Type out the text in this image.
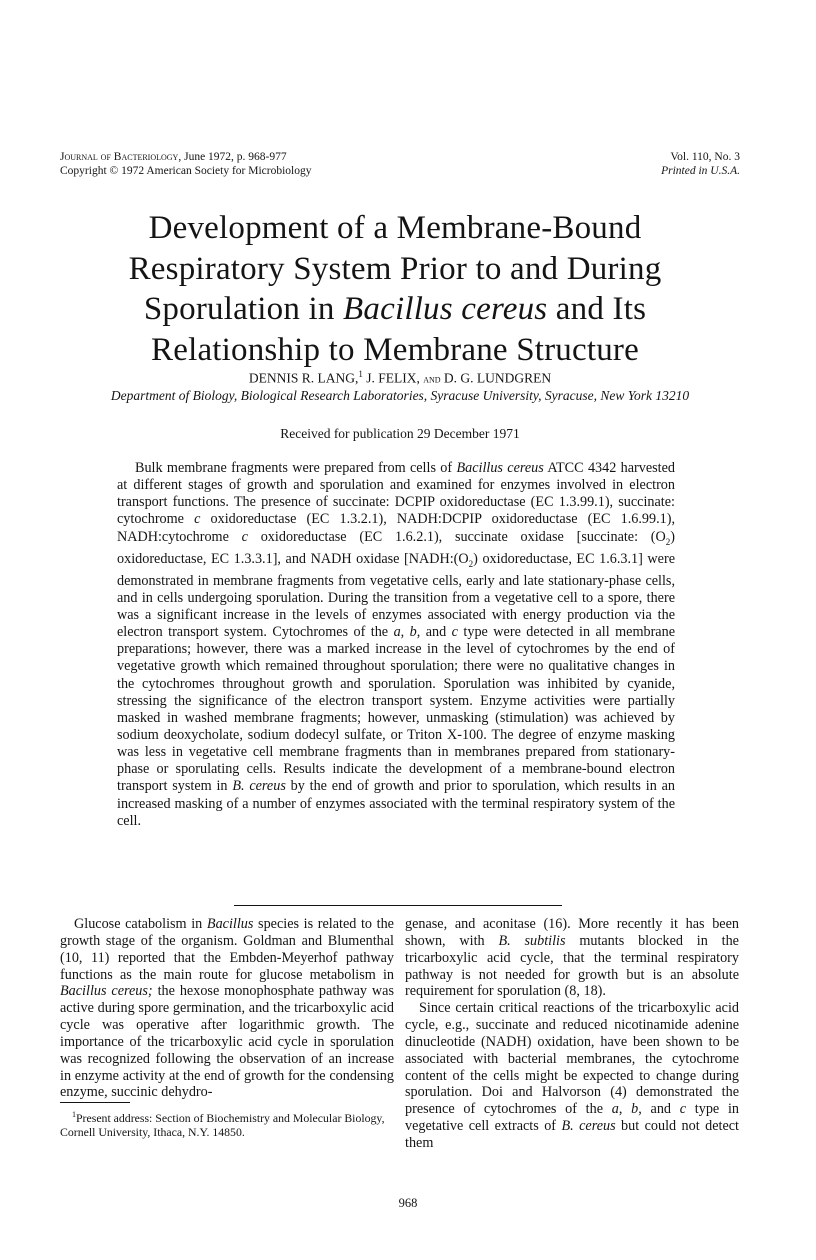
Journal of Bacteriology, June 1972, p. 968-977
Copyright © 1972 American Society for Microbiology
Vol. 110, No. 3
Printed in U.S.A.
Development of a Membrane-Bound
Respiratory System Prior to and During
Sporulation in Bacillus cereus and Its
Relationship to Membrane Structure
DENNIS R. LANG,$^1$ J. FELIX, and D. G. LUNDGREN
Department of Biology, Biological Research Laboratories, Syracuse University, Syracuse, New York 13210
Received for publication 29 December 1971

Bulk membrane fragments were prepared from cells of Bacillus cereus ATCC 4342 harvested at different stages of growth and sporulation and examined for enzymes involved in electron transport functions. The presence of succinate: DCPIP oxidoreductase (EC 1.3.99.1), succinate: cytochrome c oxidoreductase (EC 1.3.2.1), NADH:DCPIP oxidoreductase (EC 1.6.99.1), NADH:cytochrome c oxidoreductase (EC 1.6.2.1), succinate oxidase [succinate: $(O_2)$ oxidoreductase, EC 1.3.3.1], and NADH oxidase [$NADH:(O_2)$ oxidoreductase, EC 1.6.3.1] were demonstrated in membrane fragments from vegetative cells, early and late stationary-phase cells, and in cells undergoing sporulation. During the transition from a vegetative cell to a spore, there was a significant increase in the levels of enzymes associated with energy production via the electron transport system. Cytochromes of the a, b, and c type were detected in all membrane preparations; however, there was a marked increase in the level of cytochromes by the end of vegetative growth which remained throughout sporulation; there were no qualitative changes in the cytochromes throughout growth and sporulation. Sporulation was inhibited by cyanide, stressing the significance of the electron transport system. Enzyme activities were partially masked in washed membrane fragments; however, unmasking (stimulation) was achieved by sodium deoxycholate, sodium dodecyl sulfate, or Triton X-100. The degree of enzyme masking was less in vegetative cell membrane fragments than in membranes prepared from stationary-phase or sporulating cells. Results indicate the development of a membrane-bound electron transport system in B. cereus by the end of growth and prior to sporulation, which results in an increased masking of a number of enzymes associated with the terminal respiratory system of the cell.

Glucose catabolism in Bacillus species is related to the growth stage of the organism. Goldman and Blumenthal (10, 11) reported that the Embden-Meyerhof pathway functions as the main route for glucose metabolism in Bacillus cereus; the hexose monophosphate pathway was active during spore germination, and the tricarboxylic acid cycle was operative after logarithmic growth. The importance of the tricarboxylic acid cycle in sporulation was recognized following the observation of an increase in enzyme activity at the end of growth for the condensing enzyme, succinic dehydro-

genase, and aconitase (16). More recently it has been shown, with B. subtilis mutants blocked in the tricarboxylic acid cycle, that the terminal respiratory pathway is not needed for growth but is an absolute requirement for sporulation (8, 18).

Since certain critical reactions of the tricarboxylic acid cycle, e.g., succinate and reduced nicotinamide adenine dinucleotide (NADH) oxidation, have been shown to be associated with bacterial membranes, the cytochrome content of the cells might be expected to change during sporulation. Doi and Halvorson (4) demonstrated the presence of cytochromes of the a, b, and c type in vegetative cell extracts of B. cereus but could not detect them

$^1$Present address: Section of Biochemistry and Molecular Biology, Cornell University, Ithaca, N.Y. 14850.
968
